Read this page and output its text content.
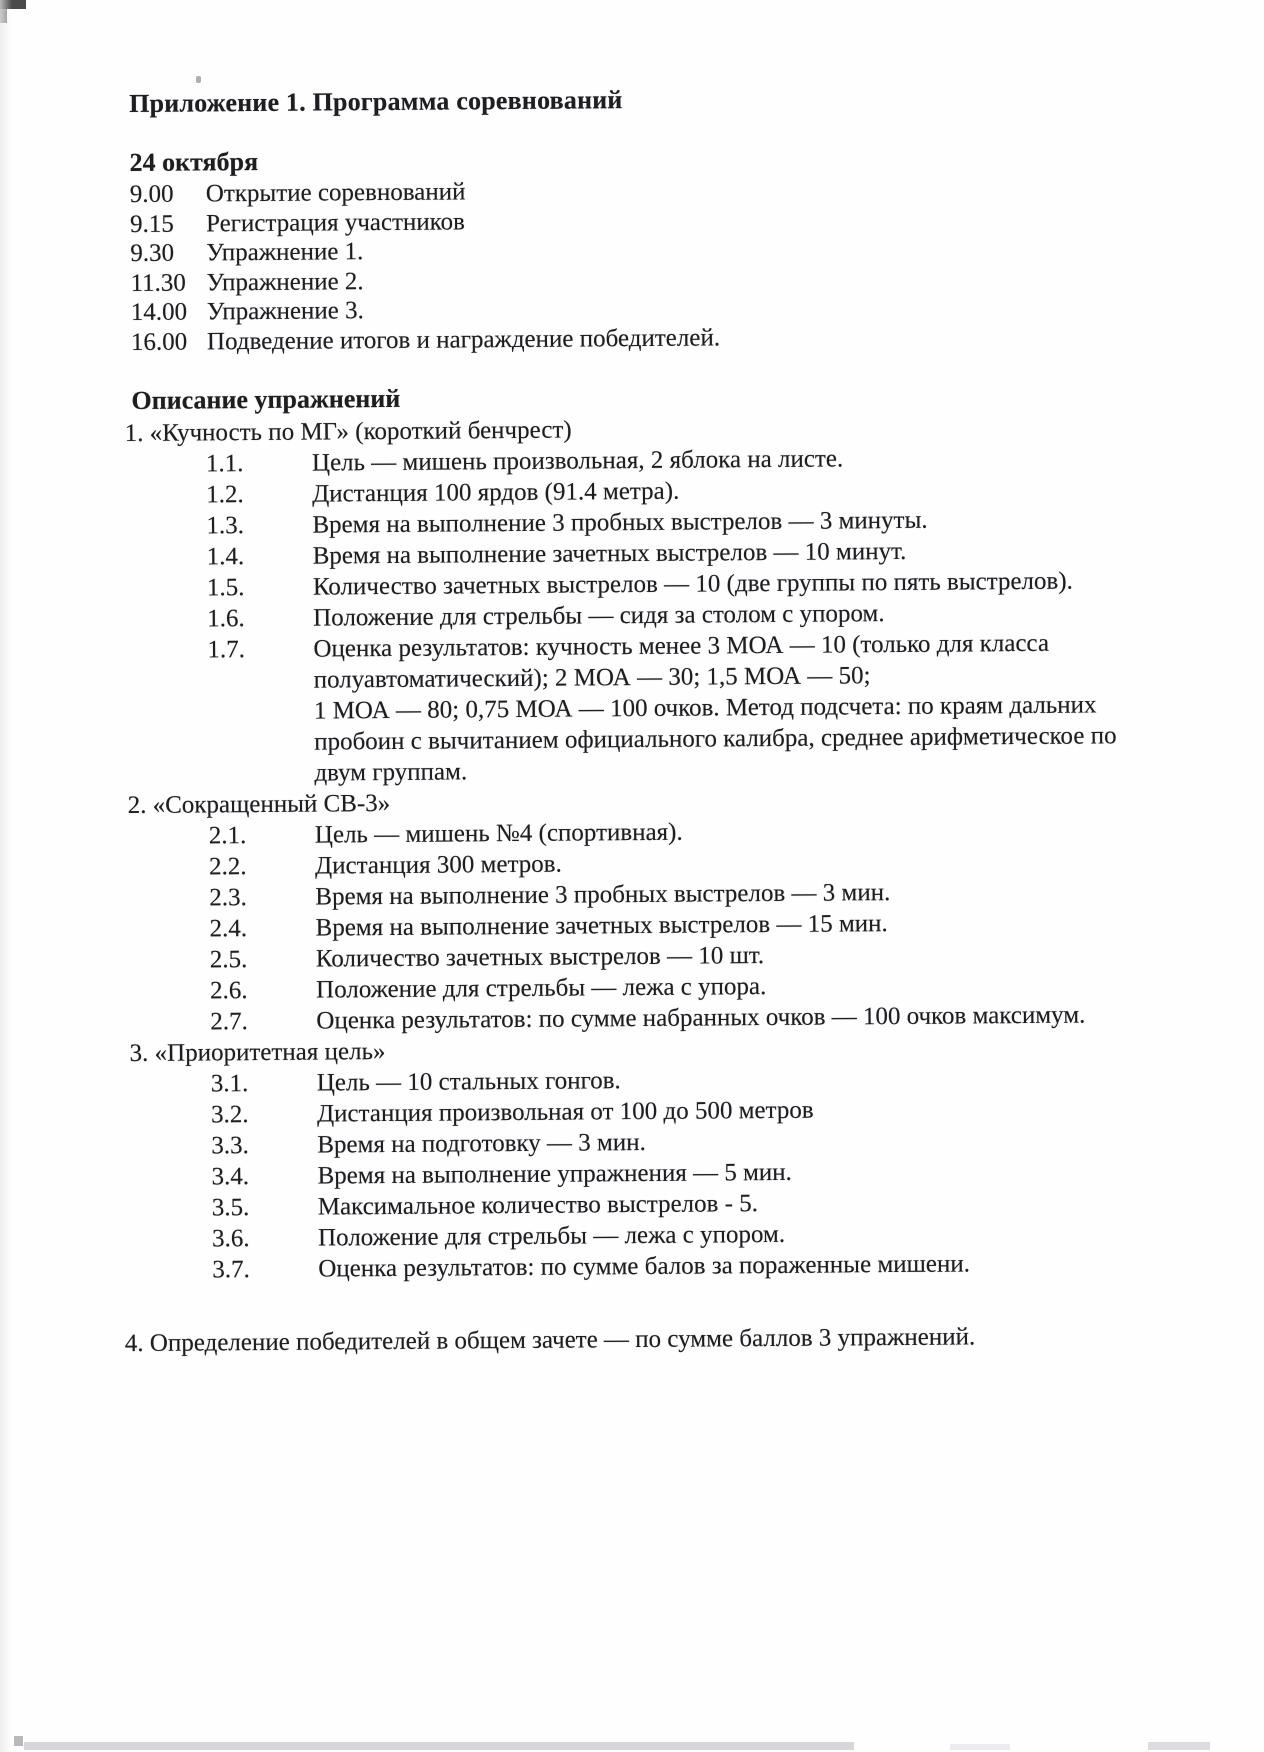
Приложение 1. Программа соревнований
24 октября
9.00	Открытие соревнований
9.15	Регистрация участников
9.30	Упражнение 1.
11.30 Упражнение 2.
14.00 Упражнение 3.
16.00 Подведение итогов и награждение победителей.
Описание упражнений
1. «Кучность по МГ» (короткий бенчрест)
1.1.	Цель — мишень произвольная, 2 яблока на листе.
1.2.	Дистанция 100 ярдов (91.4 метра).
1.3.	Время на выполнение 3 пробных выстрелов — 3 минуты.
1.4.	Время на выполнение зачетных выстрелов — 10 минут.
1.5.	Количество зачетных выстрелов — 10 (две группы по пять выстрелов).
1.6.	Положение для стрельбы — сидя за столом с упором.
1.7.	Оценка результатов: кучность менее 3 МОА — 10 (только для класса полуавтоматический); 2 МОА — 30; 1,5 МОА — 50;
1 МОА — 80; 0,75 МОА — 100 очков. Метод подсчета: по краям дальних пробоин с вычитанием официального калибра, среднее арифметическое по двум группам.
2. «Сокращенный СВ-3»
2.1.	Цель — мишень №4 (спортивная).
2.2.	Дистанция 300 метров.
2.3.	Время на выполнение 3 пробных выстрелов — 3 мин.
2.4.	Время на выполнение зачетных выстрелов — 15 мин.
2.5.	Количество зачетных выстрелов — 10 шт.
2.6.	Положение для стрельбы — лежа с упора.
2.7.	Оценка результатов: по сумме набранных очков — 100 очков максимум.
3. «Приоритетная цель»
3.1.	Цель — 10 стальных гонгов.
3.2.	Дистанция произвольная от 100 до 500 метров
3.3.	Время на подготовку — 3 мин.
3.4.	Время на выполнение упражнения — 5 мин.
3.5.	Максимальное количество выстрелов - 5.
3.6.	Положение для стрельбы — лежа с упором.
3.7.	Оценка результатов: по сумме балов за пораженные мишени.

4. Определение победителей в общем зачете — по сумме баллов 3 упражнений.
